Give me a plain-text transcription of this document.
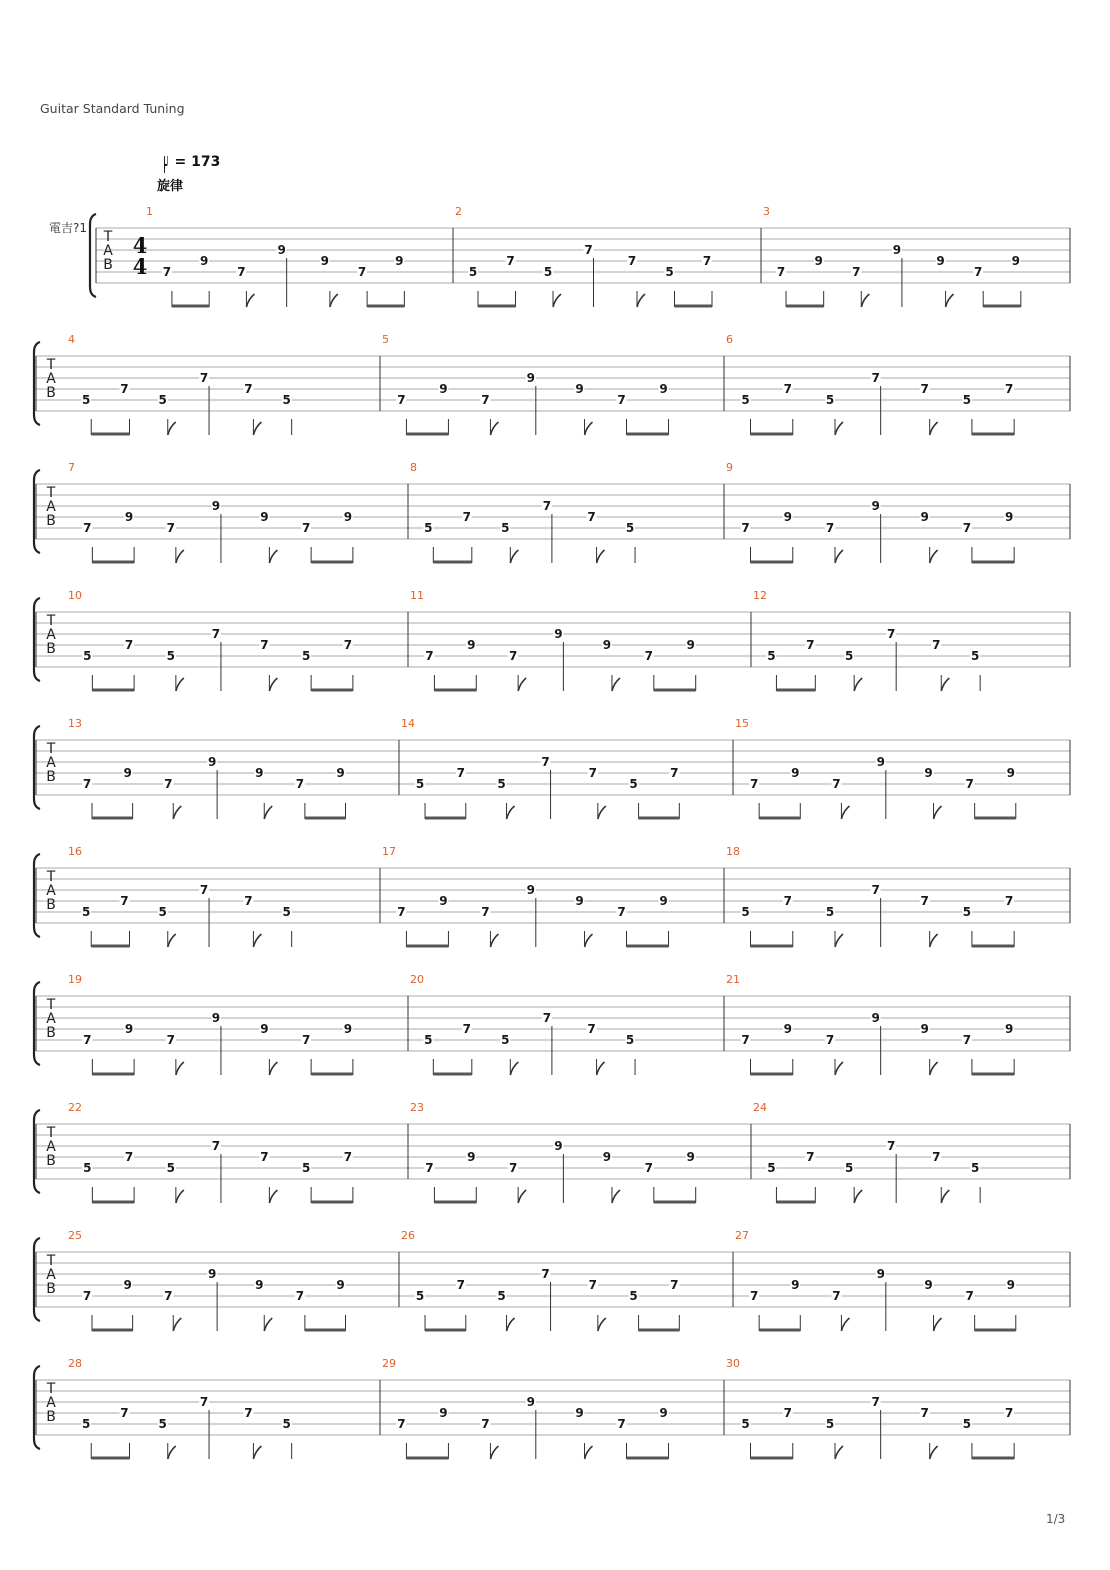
Guitar Standard Tuning
♩ = 173
旋律
電吉?1
T
A
B
4
4
1
7
9
7
9
9
7
9
2
5
7
5
7
7
5
7
3
7
9
7
9
9
7
9
T
A
B
4
5
7
5
7
7
5
5
7
9
7
9
9
7
9
6
5
7
5
7
7
5
7
T
A
B
7
7
9
7
9
9
7
9
8
5
7
5
7
7
5
9
7
9
7
9
9
7
9
T
A
B
10
5
7
5
7
7
5
7
11
7
9
7
9
9
7
9
12
5
7
5
7
7
5
T
A
B
13
7
9
7
9
9
7
9
14
5
7
5
7
7
5
7
15
7
9
7
9
9
7
9
T
A
B
16
5
7
5
7
7
5
17
7
9
7
9
9
7
9
18
5
7
5
7
7
5
7
T
A
B
19
7
9
7
9
9
7
9
20
5
7
5
7
7
5
21
7
9
7
9
9
7
9
T
A
B
22
5
7
5
7
7
5
7
23
7
9
7
9
9
7
9
24
5
7
5
7
7
5
T
A
B
25
7
9
7
9
9
7
9
26
5
7
5
7
7
5
7
27
7
9
7
9
9
7
9
T
A
B
28
5
7
5
7
7
5
29
7
9
7
9
9
7
9
30
5
7
5
7
7
5
7
1/3
